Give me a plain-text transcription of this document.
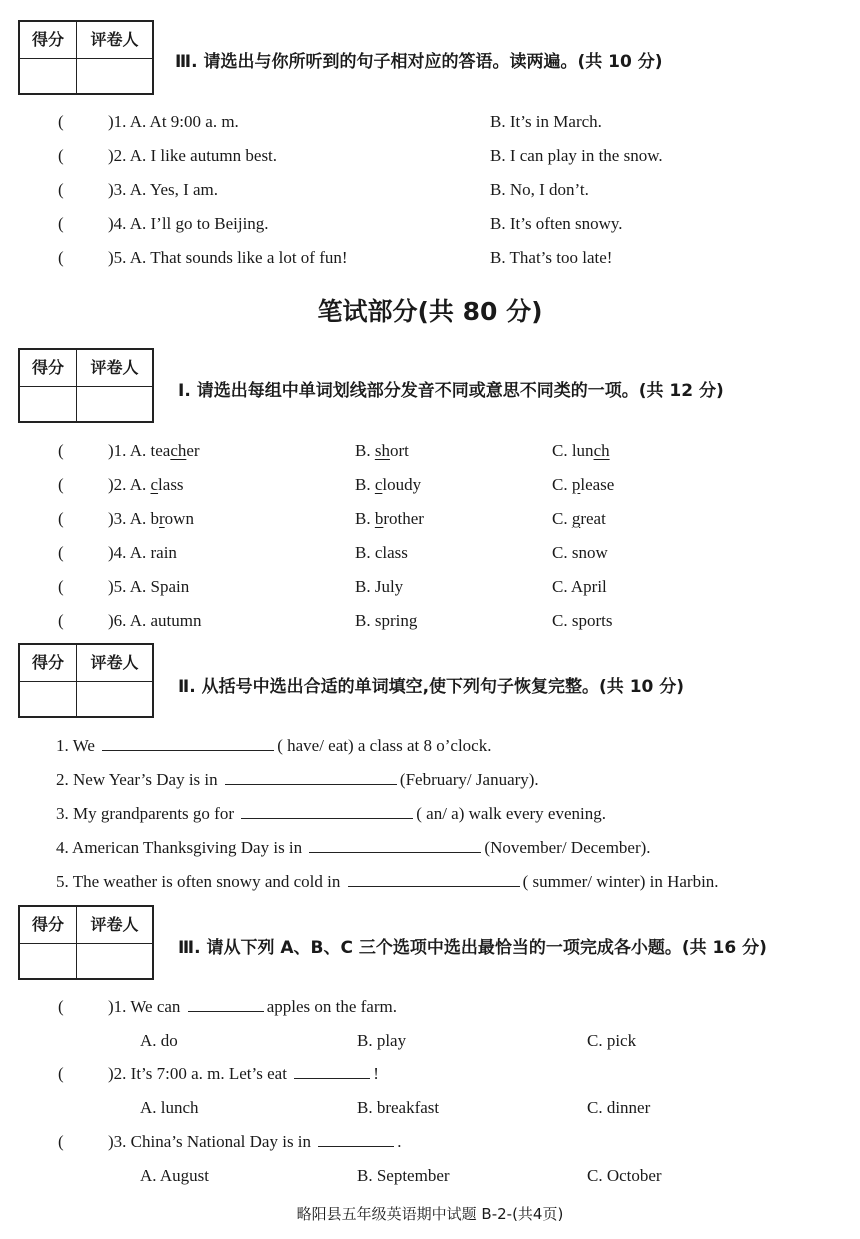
得分	评卷人
Ⅲ. 请选出与你所听到的句子相对应的答语。读两遍。(共 10 分)
(	)1. A. At 9:00 a. m.	B. It’s in March.
(	)2. A. I like autumn best.	B. I can play in the snow.
(	)3. A. Yes, I am.	B. No, I don’t.
(	)4. A. I’ll go to Beijing.	B. It’s often snowy.
(	)5. A. That sounds like a lot of fun!	B. That’s too late!
笔试部分(共 80 分)
得分	评卷人
Ⅰ. 请选出每组中单词划线部分发音不同或意思不同类的一项。(共 12 分)
(	)1. A. teacher	B. short	C. lunch
(	)2. A. class	B. cloudy	C. please
(	)3. A. brown	B. brother	C. great
(	)4. A. rain	B. class	C. snow
(	)5. A. Spain	B. July	C. April
(	)6. A. autumn	B. spring	C. sports
得分	评卷人
Ⅱ. 从括号中选出合适的单词填空,使下列句子恢复完整。(共 10 分)
1. We	( have/ eat) a class at 8 o’clock.
2. New Year’s Day is in	(February/ January).
3. My grandparents go for	( an/ a) walk every evening.
4. American Thanksgiving Day is in	(November/ December).
5. The weather is often snowy and cold in	( summer/ winter) in Harbin.
得分	评卷人
Ⅲ. 请从下列 A、B、C 三个选项中选出最恰当的一项完成各小题。(共 16 分)
(	)1. We can	apples on the farm.
A. do	B. play	C. pick
(	)2. It’s 7:00 a. m. Let’s eat	!
A. lunch	B. breakfast	C. dinner
(	)3. China’s National Day is in	.
A. August	B. September	C. October
略阳县五年级英语期中试题 B-2-(共4页)
